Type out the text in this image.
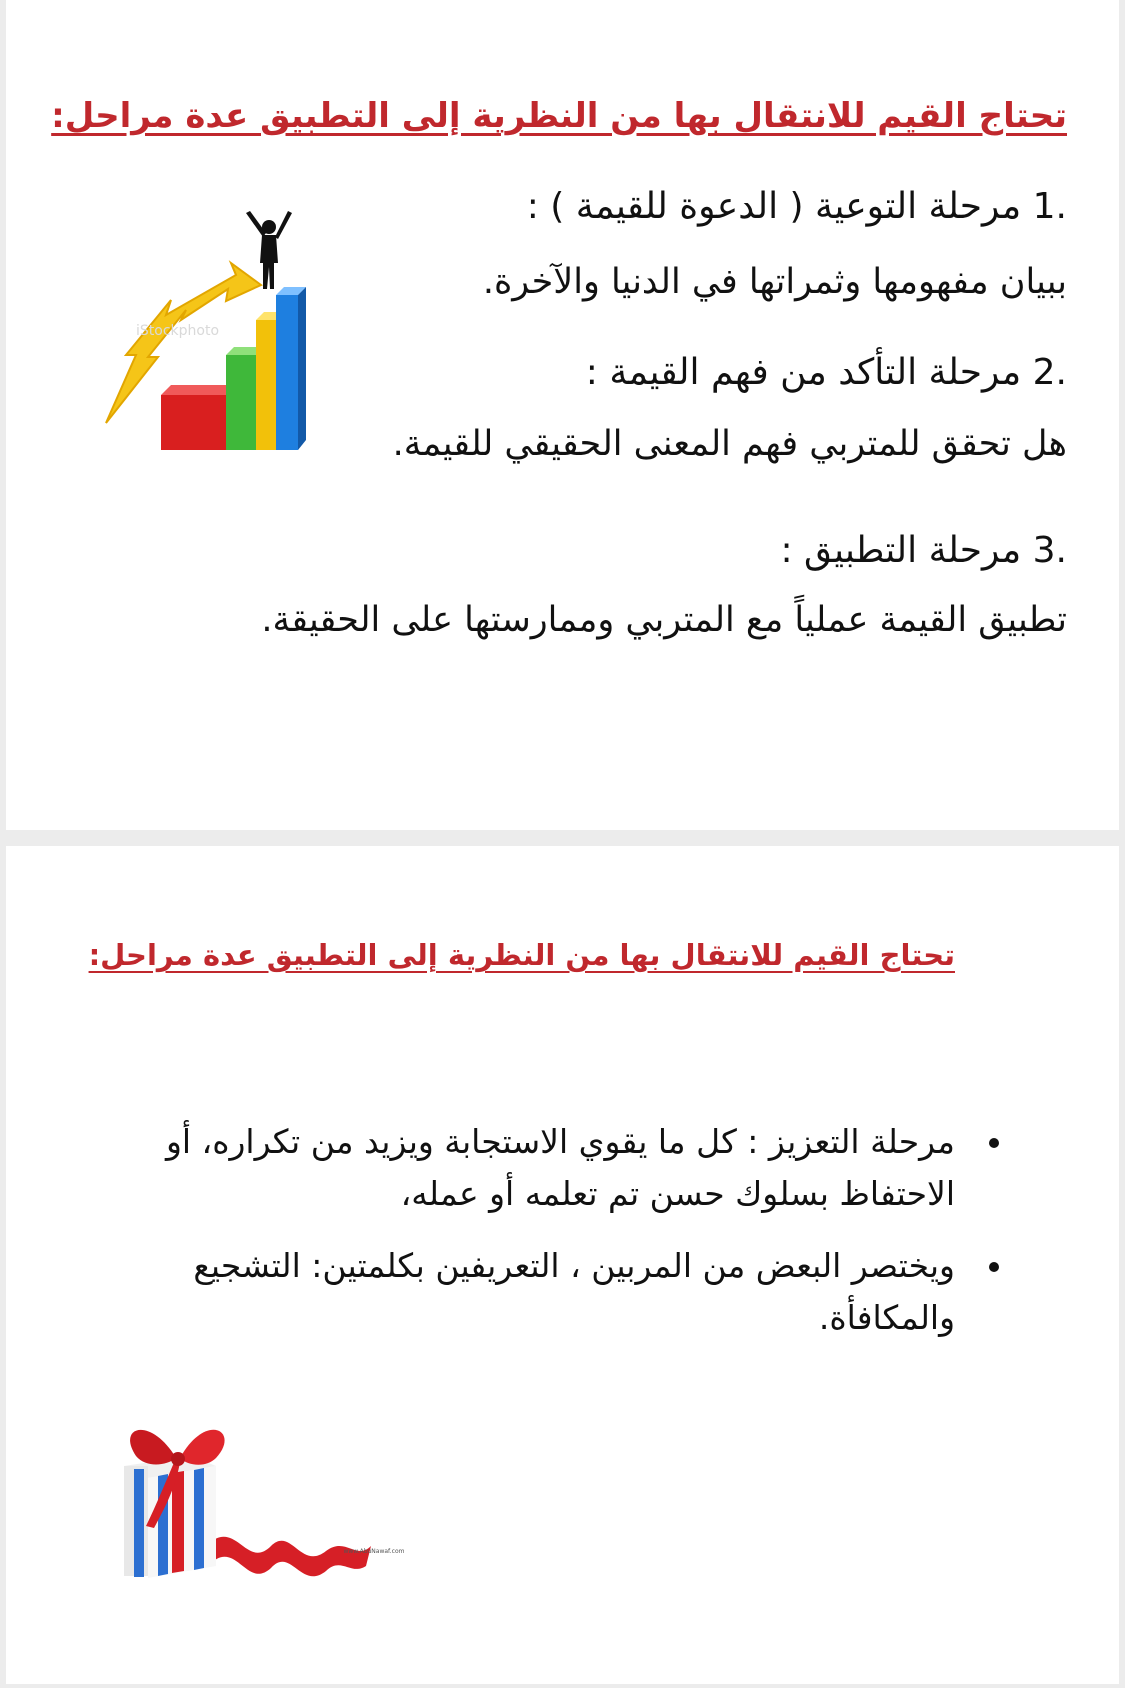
تحتاج القيم للانتقال بها من النظرية إلى التطبيق عدة مراحل:
1. مرحلة التوعية ( الدعوة للقيمة ) :
ببيان مفهومها وثمراتها في الدنيا والآخرة.
2. مرحلة التأكد من فهم القيمة :
هل تحقق للمتربي فهم المعنى الحقيقي للقيمة.
3. مرحلة التطبيق :
تطبيق القيمة عملياً مع المتربي وممارستها على الحقيقة.
iStockphoto
تحتاج القيم للانتقال بها من النظرية إلى التطبيق عدة مراحل:
مرحلة التعزيز : كل ما يقوي الاستجابة ويزيد من تكراره، أو الاحتفاظ بسلوك حسن تم تعلمه أو عمله،
ويختصر البعض من المربين ، التعريفين بكلمتين: التشجيع والمكافأة.
www.AbuNawaf.com
